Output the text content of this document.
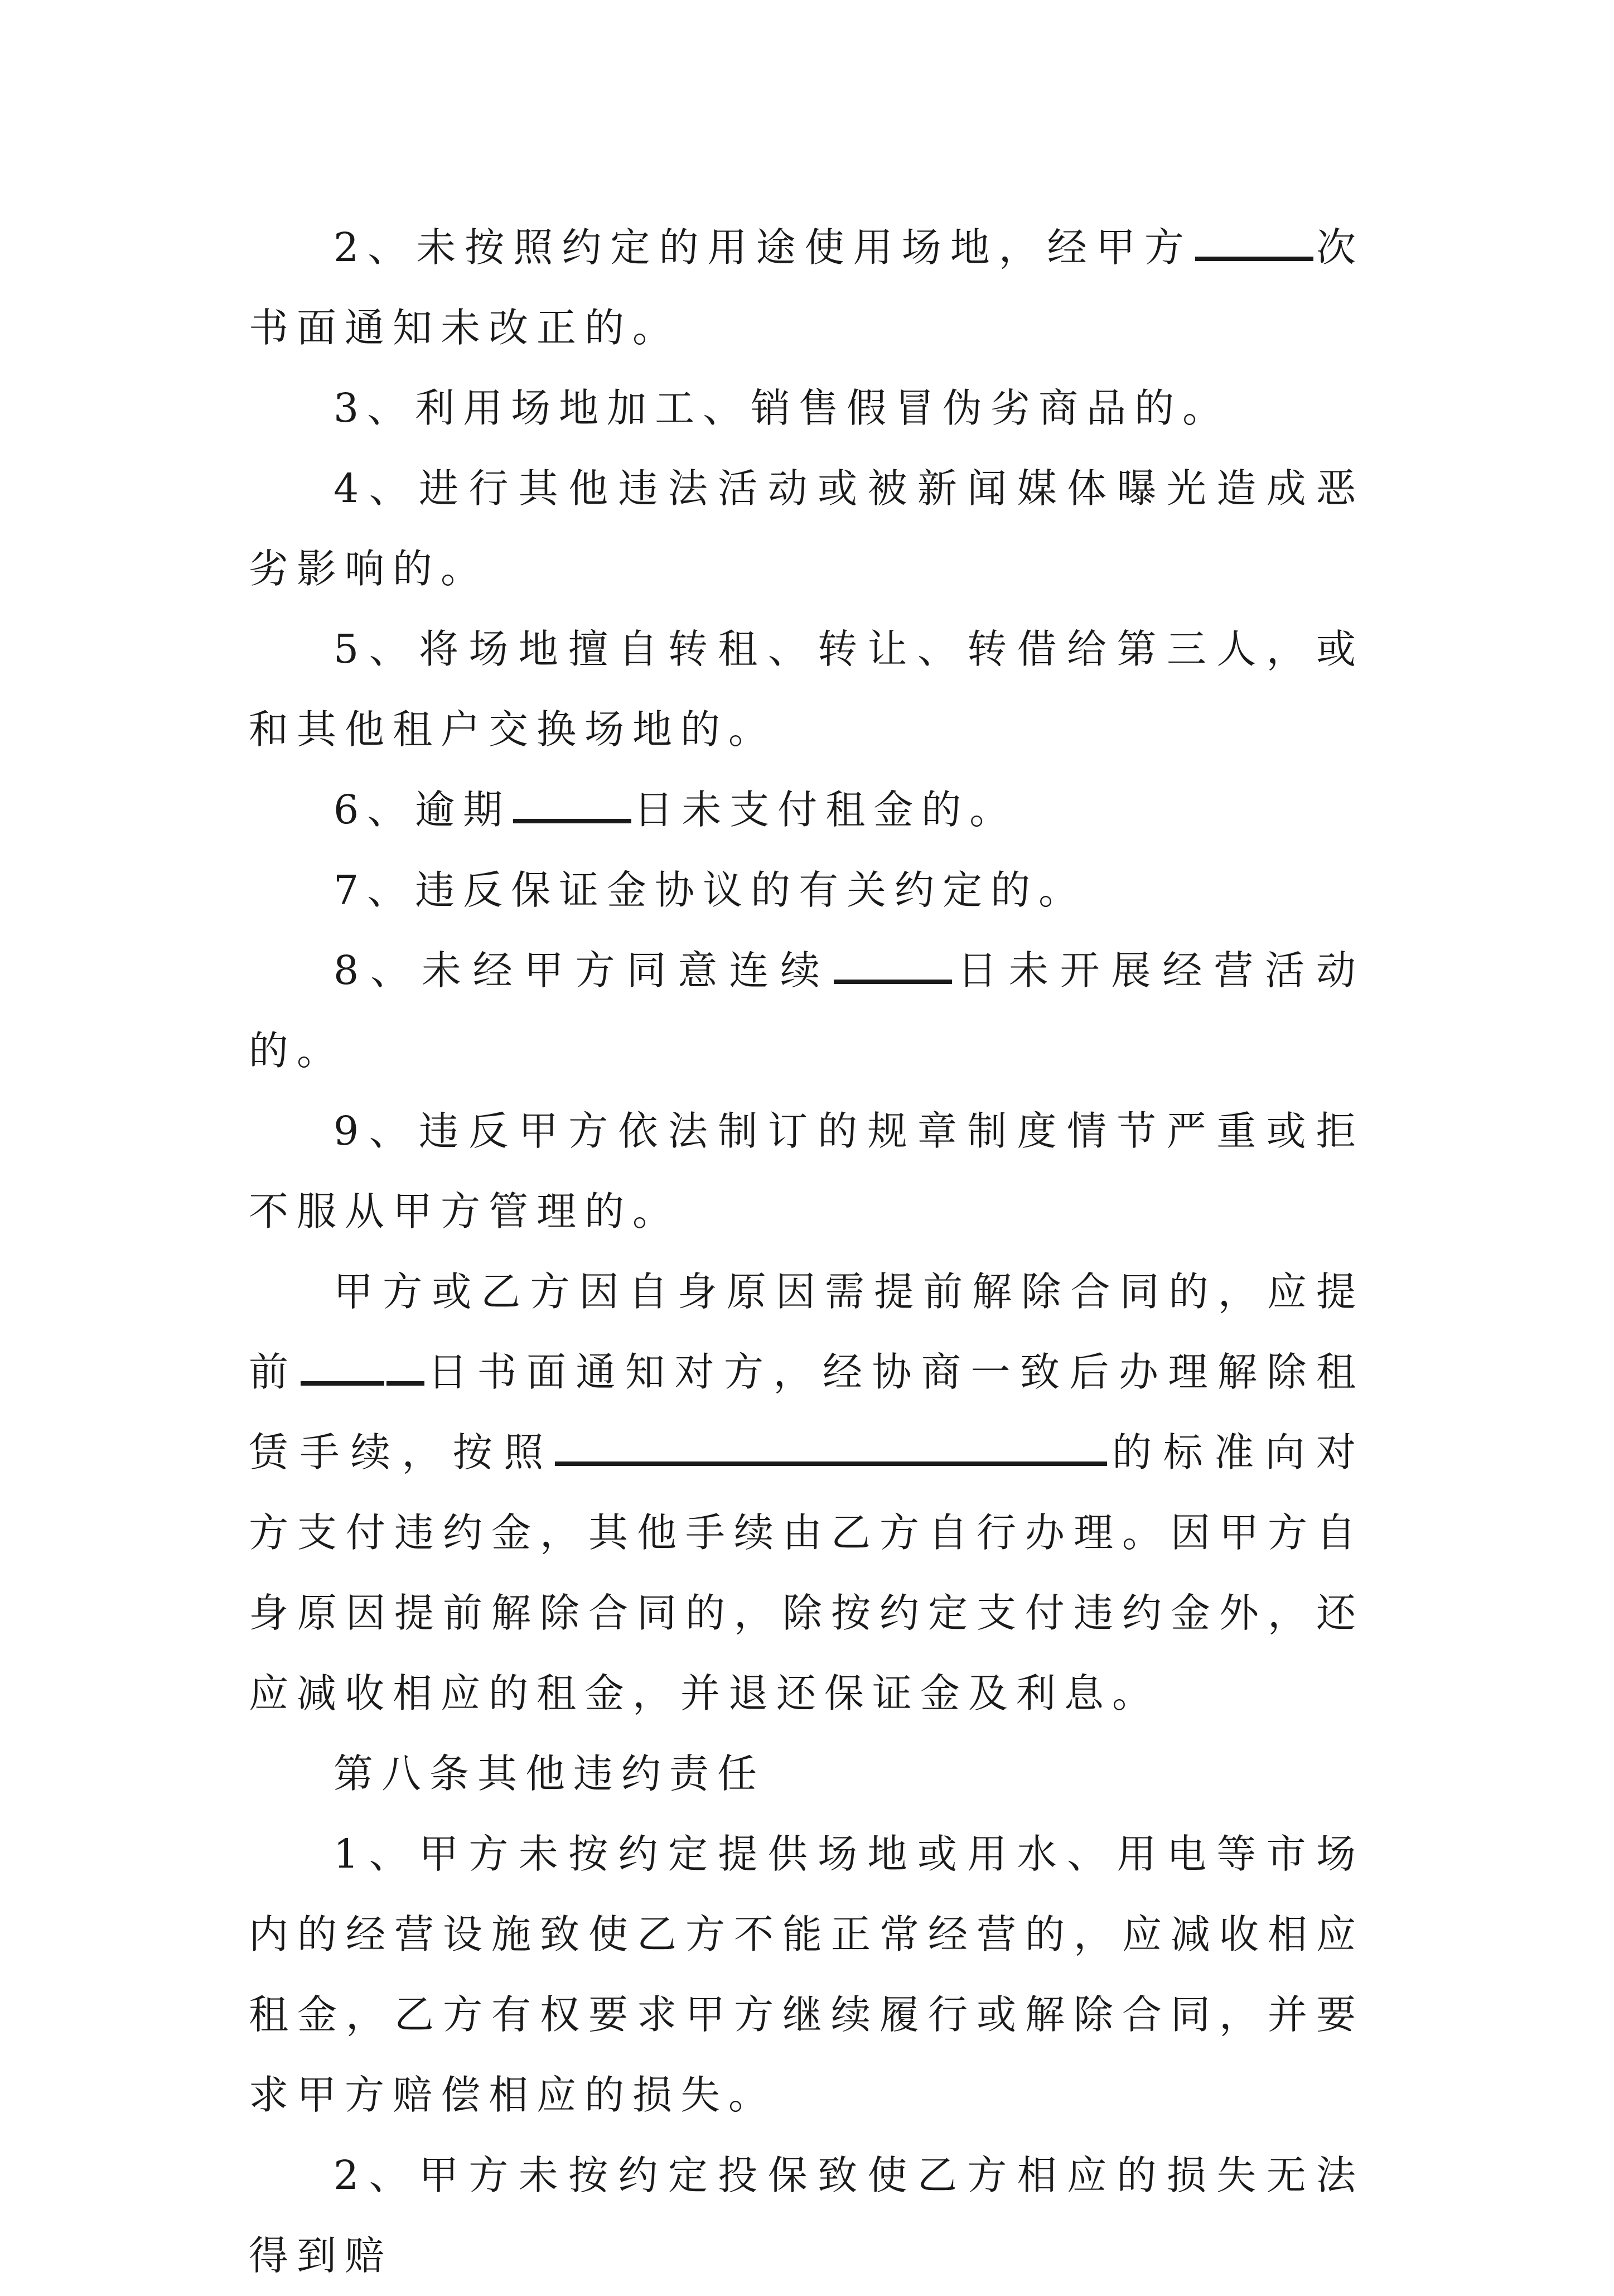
2、未按照约定的用途使用场地，经甲方	次书面通知未改正的。

3、利用场地加工、销售假冒伪劣商品的。

4、进行其他违法活动或被新闻媒体曝光造成恶劣影响的。

5、将场地擅自转租、转让、转借给第三人，或和其他租户交换场地的。

6、逾期	日未支付租金的。

7、违反保证金协议的有关约定的。

8、未经甲方同意连续	日未开展经营活动的。

9、违反甲方依法制订的规章制度情节严重或拒不服从甲方管理的。

甲方或乙方因自身原因需提前解除合同的，应提前	日书面通知对方，经协商一致后办理解除租赁手续，按照	的标准向对方支付违约金，其他手续由乙方自行办理。因甲方自身原因提前解除合同的，除按约定支付违约金外，还应减收相应的租金，并退还保证金及利息。

第八条其他违约责任

1、甲方未按约定提供场地或用水、用电等市场内的经营设施致使乙方不能正常经营的，应减收相应租金，乙方有权要求甲方继续履行或解除合同，并要求甲方赔偿相应的损失。

2、甲方未按约定投保致使乙方相应的损失无法得到赔
